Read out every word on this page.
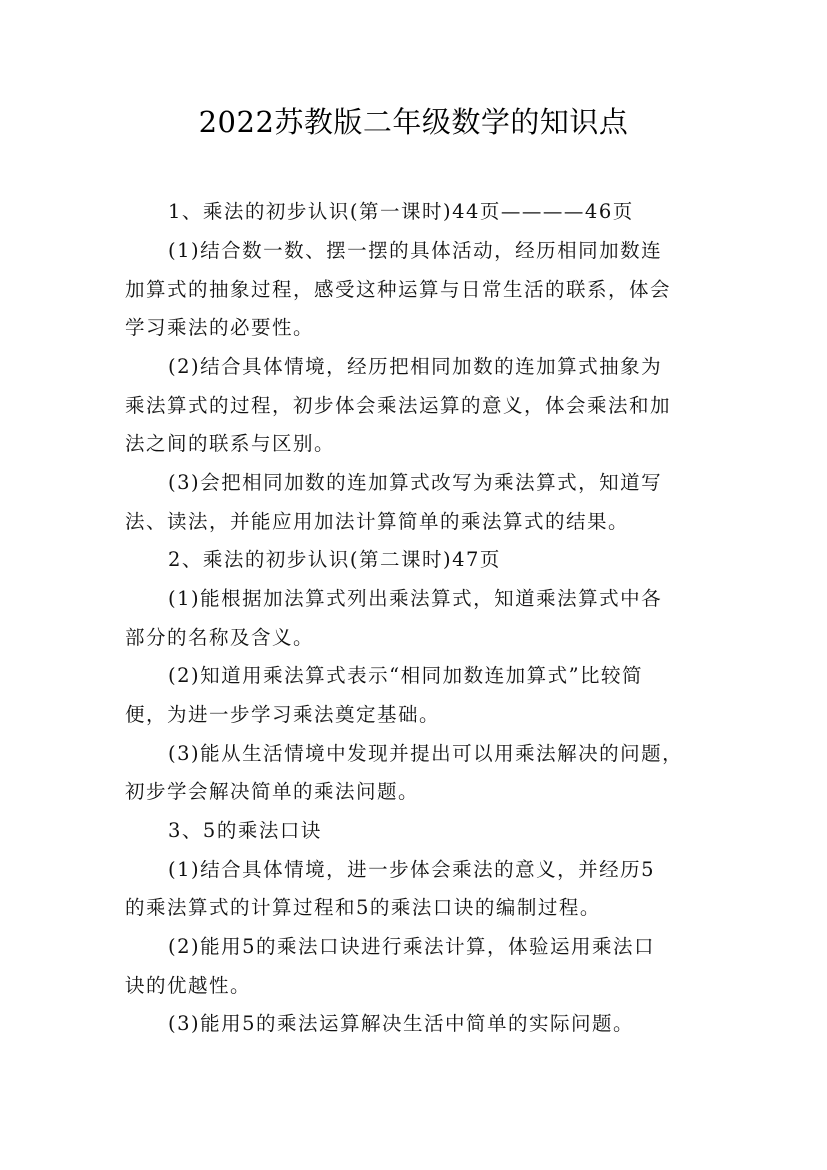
2022苏教版二年级数学的知识点
1、乘法的初步认识(第一课时)44页————46页
(1)结合数一数、摆一摆的具体活动，经历相同加数连
加算式的抽象过程，感受这种运算与日常生活的联系，体会
学习乘法的必要性。
(2)结合具体情境，经历把相同加数的连加算式抽象为
乘法算式的过程，初步体会乘法运算的意义，体会乘法和加
法之间的联系与区别。
(3)会把相同加数的连加算式改写为乘法算式，知道写
法、读法，并能应用加法计算简单的乘法算式的结果。
2、乘法的初步认识(第二课时)47页
(1)能根据加法算式列出乘法算式，知道乘法算式中各
部分的名称及含义。
(2)知道用乘法算式表示“相同加数连加算式”比较简
便，为进一步学习乘法奠定基础。
(3)能从生活情境中发现并提出可以用乘法解决的问题，
初步学会解决简单的乘法问题。
3、5的乘法口诀
(1)结合具体情境，进一步体会乘法的意义，并经历5
的乘法算式的计算过程和5的乘法口诀的编制过程。
(2)能用5的乘法口诀进行乘法计算，体验运用乘法口
诀的优越性。
(3)能用5的乘法运算解决生活中简单的实际问题。
